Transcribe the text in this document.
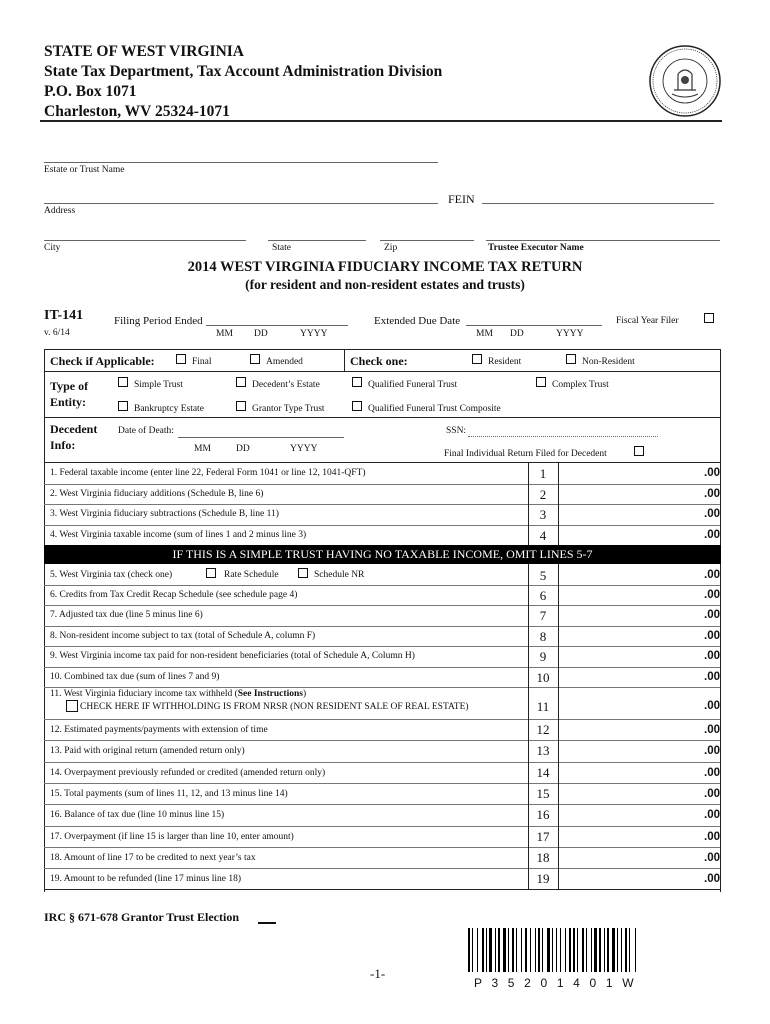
STATE OF WEST VIRGINIA
State Tax Department, Tax Account Administration Division
P.O. Box 1071
Charleston, WV 25324-1071
Estate or Trust Name
Address
FEIN
City	State	Zip	Trustee Executor Name
2014 WEST VIRGINIA FIDUCIARY INCOME TAX RETURN
(for resident and non-resident estates and trusts)
IT-141
v. 6/14
Filing Period Ended
MM DD	YYYY
Extended Due Date
MM DD	YYYY
Fiscal Year Filer
Check if Applicable:	Final	Amended	Check one:	Resident	Non-Resident
Type of
Entity:
Simple Trust	Decedent’s Estate	Qualified Funeral Trust	Complex Trust
Bankruptcy Estate	Grantor Type Trust	Qualified Funeral Trust Composite
Decedent
Info:
Date of Death:
MM	DD	YYYY
SSN:
Final Individual Return Filed for Decedent
1. Federal taxable income (enter line 22, Federal Form 1041 or line 12, 1041-QFT)	1	.00
2. West Virginia fiduciary additions (Schedule B, line 6)	2	.00
3. West Virginia fiduciary subtractions (Schedule B, line 11)	3	.00
4. West Virginia taxable income (sum of lines 1 and 2 minus line 3)	4	.00
IF THIS IS A SIMPLE TRUST HAVING NO TAXABLE INCOME, OMIT LINES 5-7
5. West Virginia tax (check one)	Rate Schedule	Schedule NR	5	.00
6. Credits from Tax Credit Recap Schedule (see schedule page 4)	6	.00
7. Adjusted tax due (line 5 minus line 6)	7	.00
8. Non-resident income subject to tax (total of Schedule A, column F)	8	.00
9. West Virginia income tax paid for non-resident beneficiaries (total of Schedule A, Column H)	9	.00
10. Combined tax due (sum of lines 7 and 9)	10	.00
11. West Virginia fiduciary income tax withheld (See Instructions)
CHECK HERE IF WITHHOLDING IS FROM NRSR (NON RESIDENT SALE OF REAL ESTATE)	11	.00
12. Estimated payments/payments with extension of time	12	.00
13. Paid with original return (amended return only)	13	.00
14. Overpayment previously refunded or credited (amended return only)	14	.00
15. Total payments (sum of lines 11, 12, and 13 minus line 14)	15	.00
16. Balance of tax due (line 10 minus line 15)	16	.00
17. Overpayment (if line 15 is larger than line 10, enter amount)	17	.00
18. Amount of line 17 to be credited to next year’s tax	18	.00
19. Amount to be refunded (line 17 minus line 18)	19	.00
IRC § 671-678 Grantor Trust Election
-1-
P  3  5  2  0  1  4  0  1  W
